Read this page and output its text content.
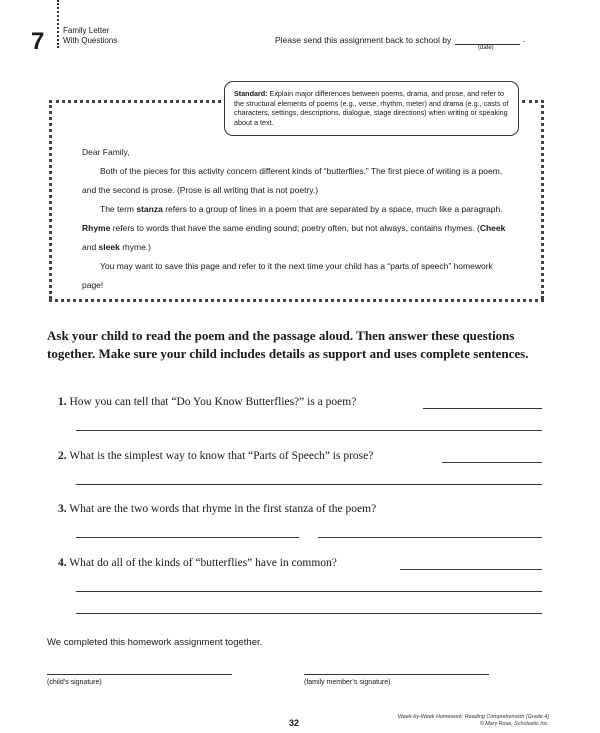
7 Family Letter
With Questions	Please send this assignment back to school by	.
(date)
Standard: Explain major differences between poems, drama, and prose, and refer to the structural elements of poems (e.g., verse, rhythm, meter) and drama (e.g., casts of characters, settings, descriptions, dialogue, stage directions) when writing or speaking about a text.

Dear Family,

Both of the pieces for this activity concern different kinds of “butterflies.” The first piece of writing is a poem, and the second is prose. (Prose is all writing that is not poetry.)

The term stanza refers to a group of lines in a poem that are separated by a space, much like a paragraph. Rhyme refers to words that have the same ending sound; poetry often, but not always, contains rhymes. (Cheek and sleek rhyme.)

You may want to save this page and refer to it the next time your child has a “parts of speech” homework page!

Ask your child to read the poem and the passage aloud. Then answer these questions together. Make sure your child includes details as support and uses complete sentences.
1. How you can tell that “Do You Know Butterflies?” is a poem?
2. What is the simplest way to know that “Parts of Speech” is prose?
3. What are the two words that rhyme in the first stanza of the poem?
4. What do all of the kinds of “butterflies” have in common?
We completed this homework assignment together.
(child’s signature)	(family member’s signature)
32
Week-by-Week Homework: Reading Comprehension (Grade 4)
© Mary Rose, Scholastic Inc.
